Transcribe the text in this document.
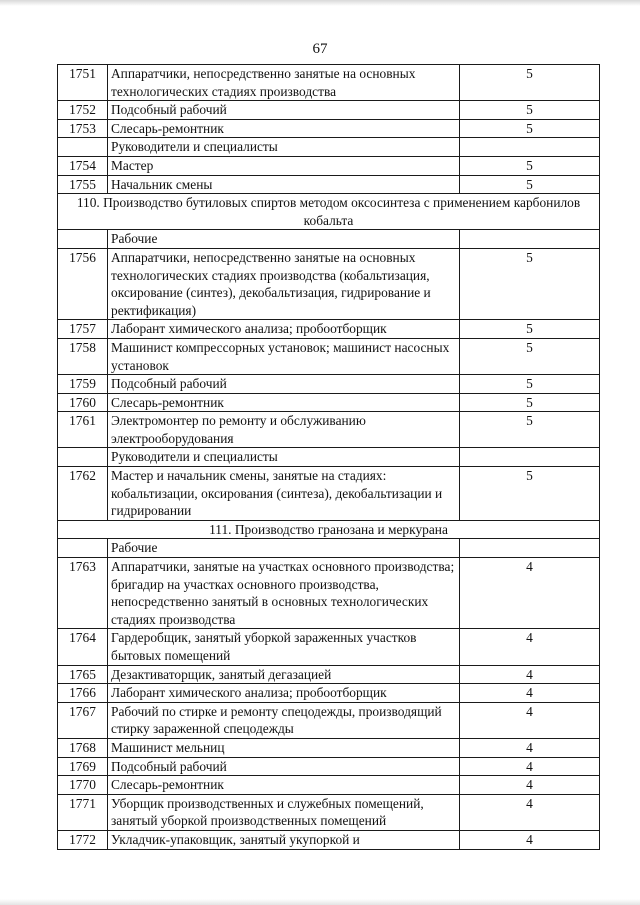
67
1751	Аппаратчики, непосредственно занятые на основных технологических стадиях производства	5
1752	Подсобный рабочий	5
1753	Слесарь-ремонтник	5
	Руководители и специалисты	
1754	Мастер	5
1755	Начальник смены	5
110. Производство бутиловых спиртов методом оксосинтеза с применением карбонилов кобальта		
	Рабочие	
1756	Аппаратчики, непосредственно занятые на основных технологических стадиях производства (кобальтизация, оксирование (синтез), декобальтизация, гидрирование и ректификация)	5
1757	Лаборант химического анализа; пробоотборщик	5
1758	Машинист компрессорных установок; машинист насосных установок	5
1759	Подсобный рабочий	5
1760	Слесарь-ремонтник	5
1761	Электромонтер по ремонту и обслуживанию электрооборудования	5
	Руководители и специалисты	
1762	Мастер и начальник смены, занятые на стадиях: кобальтизации, оксирования (синтеза), декобальтизации и гидрировании	5
111. Производство гранозана и меркурана		
	Рабочие	
1763	Аппаратчики, занятые на участках основного производства; бригадир на участках основного производства, непосредственно занятый в основных технологических стадиях производства	4
1764	Гардеробщик, занятый уборкой зараженных участков бытовых помещений	4
1765	Дезактиваторщик, занятый дегазацией	4
1766	Лаборант химического анализа; пробоотборщик	4
1767	Рабочий по стирке и ремонту спецодежды, производящий стирку зараженной спецодежды	4
1768	Машинист мельниц	4
1769	Подсобный рабочий	4
1770	Слесарь-ремонтник	4
1771	Уборщик производственных и служебных помещений, занятый уборкой производственных помещений	4
1772	Укладчик-упаковщик, занятый укупоркой и	4
